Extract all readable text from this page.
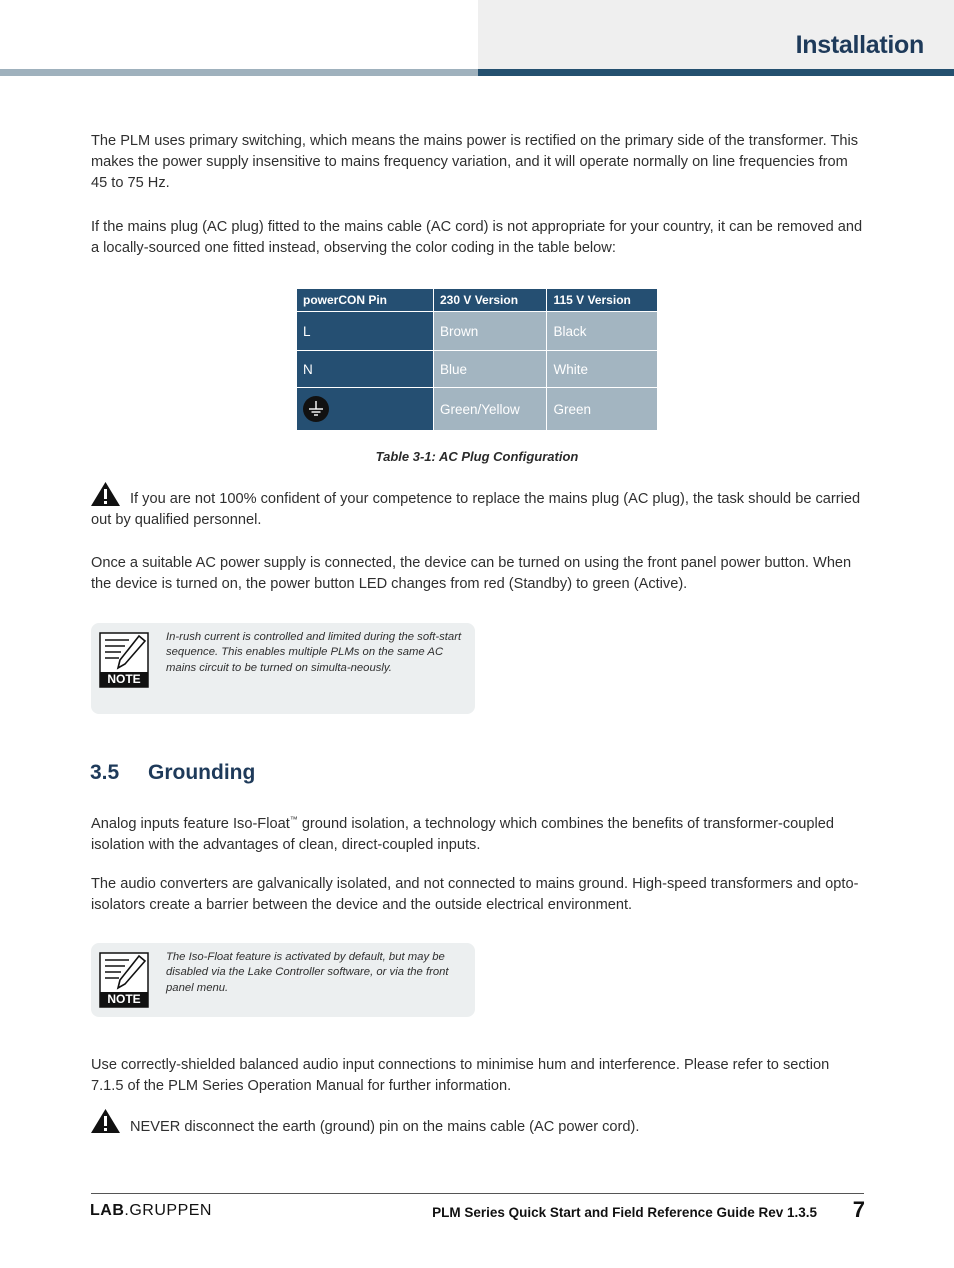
Installation

The PLM uses primary switching, which means the mains power is rectified on the primary side of the transformer. This makes the power supply insensitive to mains frequency variation, and it will operate normally on line frequencies from 45 to 75 Hz.

If the mains plug (AC plug) fitted to the mains cable (AC cord) is not appropriate for your country, it can be removed and a locally-sourced one fitted instead, observing the color coding in the table below:

powerCON Pin	230 V Version	115 V Version
L	Brown	Black
N	Blue	White
	Green/Yellow	Green
Table 3-1: AC Plug Configuration

If you are not 100% confident of your competence to replace the mains plug (AC plug), the task should be carried out by qualified personnel.

Once a suitable AC power supply is connected, the device can be turned on using the front panel power button. When the device is turned on, the power button LED changes from red (Standby) to green (Active).

NOTE

In-rush current is controlled and limited during the soft-start sequence. This enables multiple PLMs on the same AC mains circuit to be turned on simulta-neously.

3.5 Grounding

Analog inputs feature Iso-Float™ ground isolation, a technology which combines the benefits of transformer-coupled isolation with the advantages of clean, direct-coupled inputs.

The audio converters are galvanically isolated, and not connected to mains ground. High-speed transformers and opto-isolators create a barrier between the device and the outside electrical environment.

NOTE

The Iso-Float feature is activated by default, but may be disabled via the Lake Controller software, or via the front panel menu.

Use correctly-shielded balanced audio input connections to minimise hum and interference. Please refer to section 7.1.5 of the PLM Series Operation Manual for further information.

NEVER disconnect the earth (ground) pin on the mains cable (AC power cord).

LAB.GRUPPEN	PLM Series Quick Start and Field Reference Guide Rev 1.3.5 7
